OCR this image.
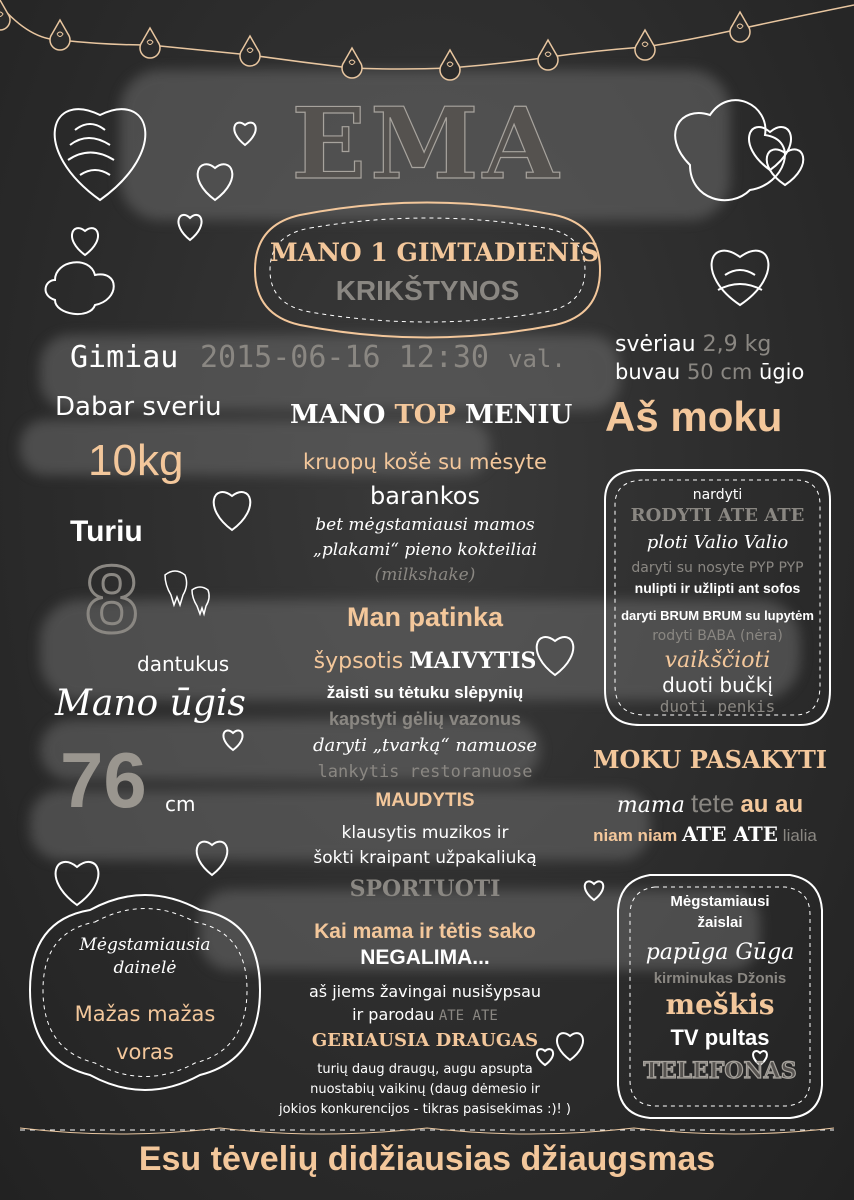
EMA
MANO 1 GIMTADIENIS
KRIKŠTYNOS
Gimiau 2015-06-16 12:30 val.
Dabar sveriu
10kg
Turiu
8
dantukus
Mano ūgis
76 cm
svėriau 2,9 kg
buvau 50 cm ūgio
Aš moku
nardyti
RODYTI ATE ATE
ploti Valio Valio
daryti su nosyte PYP PYP
nulipti ir užlipti ant sofos
daryti BRUM BRUM su lupytėm
rodyti BABA (nėra)
vaikščioti
duoti bučkį
duoti penkis
MOKU PASAKYTI
mama tete au au
niam niam ATE ATE lialia
MANO TOP MENIU
kruopų košė su mėsyte
barankos
bet mėgstamiausi mamos
„plakami“ pieno kokteiliai
(milkshake)
Man patinka
šypsotis MAIVYTIS
žaisti su tėtuku slėpynių
kapstyti gėlių vazonus
daryti „tvarką“ namuose
lankytis restoranuose
MAUDYTIS
klausytis muzikos ir
šokti kraipant užpakaliuką
SPORTUOTI
Kai mama ir tėtis sako
NEGALIMA...
aš jiems žavingai nusišypsau
ir parodau ATE ATE
GERIAUSIA DRAUGAS
turių daug draugų, augu apsupta
nuostabių vaikinų (daug dėmesio ir
jokios konkurencijos - tikras pasisekimas :)! )
Mėgstamiausia
dainelė
Mažas mažas
voras
Mėgstamiausi
žaislai
papūga Gūga
kirminukas Džonis
meškis
TV pultas
TELEFONAS
Esu tėvelių didžiausias džiaugsmas
